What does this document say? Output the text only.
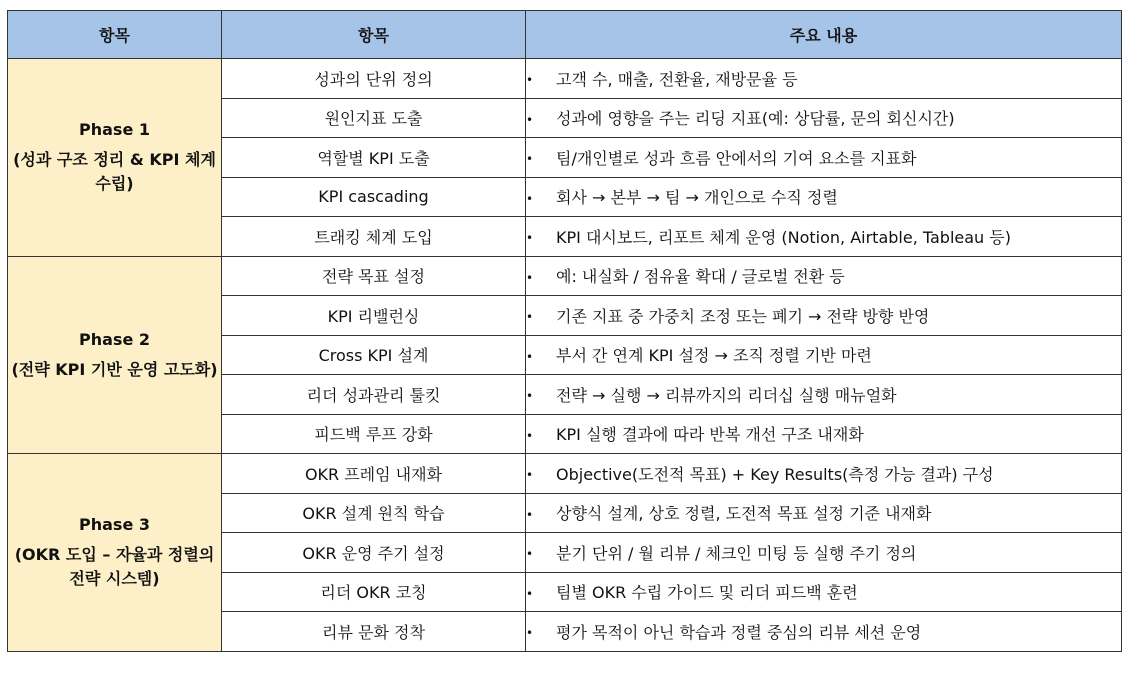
항목	항목	주요 내용

Phase 1
(성과 구조 정리 & KPI 체계 수립)	성과의 단위 정의	• 고객 수, 매출, 전환율, 재방문율 등
	원인지표 도출	• 성과에 영향을 주는 리딩 지표(예: 상담률, 문의 회신시간)
	역할별 KPI 도출	• 팀/개인별로 성과 흐름 안에서의 기여 요소를 지표화
	KPI cascading	• 회사 → 본부 → 팀 → 개인으로 수직 정렬
	트래킹 체계 도입	• KPI 대시보드, 리포트 체계 운영 (Notion, Airtable, Tableau 등)

Phase 2
(전략 KPI 기반 운영 고도화)	전략 목표 설정	• 예: 내실화 / 점유율 확대 / 글로벌 전환 등
	KPI 리밸런싱	• 기존 지표 중 가중치 조정 또는 폐기 → 전략 방향 반영
	Cross KPI 설계	• 부서 간 연계 KPI 설정 → 조직 정렬 기반 마련
	리더 성과관리 툴킷	• 전략 → 실행 → 리뷰까지의 리더십 실행 매뉴얼화
	피드백 루프 강화	• KPI 실행 결과에 따라 반복 개선 구조 내재화

Phase 3
(OKR 도입 – 자율과 정렬의 전략 시스템)	OKR 프레임 내재화	• Objective(도전적 목표) + Key Results(측정 가능 결과) 구성
	OKR 설계 원칙 학습	• 상향식 설계, 상호 정렬, 도전적 목표 설정 기준 내재화
	OKR 운영 주기 설정	• 분기 단위 / 월 리뷰 / 체크인 미팅 등 실행 주기 정의
	리더 OKR 코칭	• 팀별 OKR 수립 가이드 및 리더 피드백 훈련
	리뷰 문화 정착	• 평가 목적이 아닌 학습과 정렬 중심의 리뷰 세션 운영
